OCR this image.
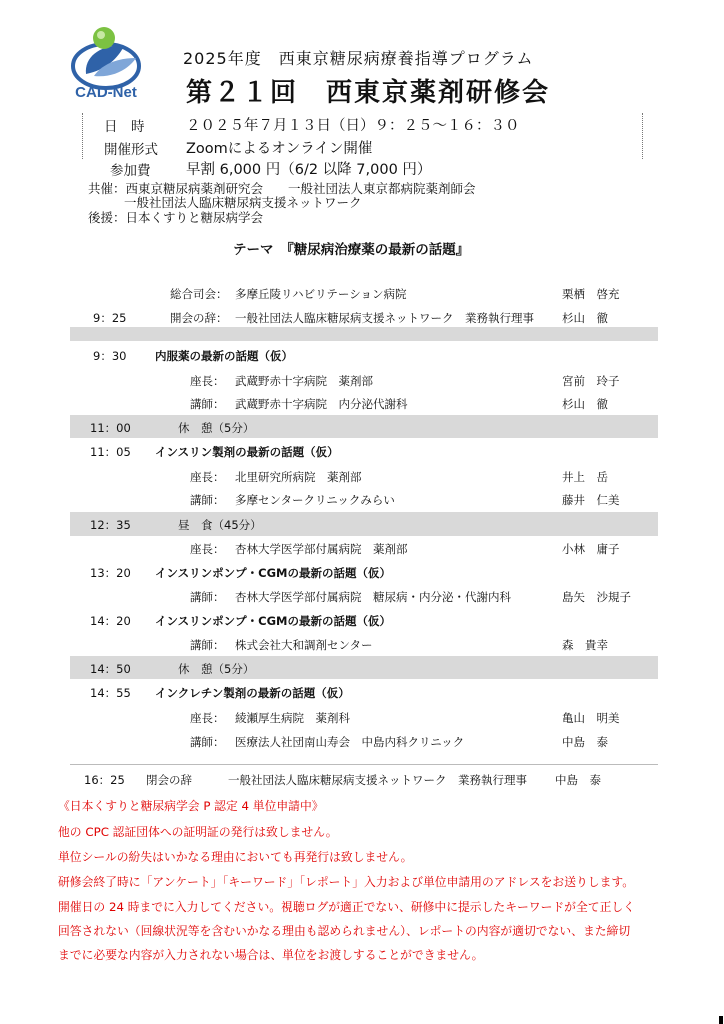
CAD-Net
2025年度　西東京糖尿病療養指導プログラム
第２１回　西東京薬剤研修会
日　時	２０２５年７月１３日（日）９：２５～１６：３０
開催形式 Zoomによるオンライン開催
参加費 早割 6,000 円（6/2 以降 7,000 円）
共催：西東京糖尿病薬剤研究会　　一般社団法人東京都病院薬剤師会
一般社団法人臨床糖尿病支援ネットワーク
後援：日本くすりと糖尿病学会
テーマ　『糖尿病治療薬の最新の話題』
総合司会： 多摩丘陵リハビリテーション病院	栗栖　啓充
9：25	開会の辞： 一般社団法人臨床糖尿病支援ネットワーク　業務執行理事 杉山　徹
9：30 内服薬の最新の話題（仮）
座長： 武蔵野赤十字病院　薬剤部	宮前　玲子
講師： 武蔵野赤十字病院　内分泌代謝科	杉山　徹
11：00	休　憩（5分）
11：05 インスリン製剤の最新の話題（仮）
座長： 北里研究所病院　薬剤部	井上　岳
講師： 多摩センタークリニックみらい	藤井　仁美
12：35	昼　食（45分）
座長： 杏林大学医学部付属病院　薬剤部	小林　庸子
13：20 インスリンポンプ・CGMの最新の話題（仮）
講師： 杏林大学医学部付属病院　糖尿病・内分泌・代謝内科	島矢　沙規子
14：20 インスリンポンプ・CGMの最新の話題（仮）
講師： 株式会社大和調剤センター	森　貴幸
14：50	休　憩（5分）
14：55 インクレチン製剤の最新の話題（仮）
座長： 綾瀬厚生病院　薬剤科	亀山　明美
講師： 医療法人社団南山寿会　中島内科クリニック	中島　泰
16：25 閉会の辞	一般社団法人臨床糖尿病支援ネットワーク　業務執行理事 中島　泰
《日本くすりと糖尿病学会 P 認定 4 単位申請中》
他の CPC 認証団体への証明証の発行は致しません。
単位シールの紛失はいかなる理由においても再発行は致しません。
研修会終了時に「アンケート」「キーワード」「レポート」入力および単位申請用のアドレスをお送りします。
開催日の 24 時までに入力してください。視聴ログが適正でない、研修中に提示したキーワードが全て正しく
回答されない（回線状況等を含むいかなる理由も認められません）、レポートの内容が適切でない、また締切
までに必要な内容が入力されない場合は、単位をお渡しすることができません。
